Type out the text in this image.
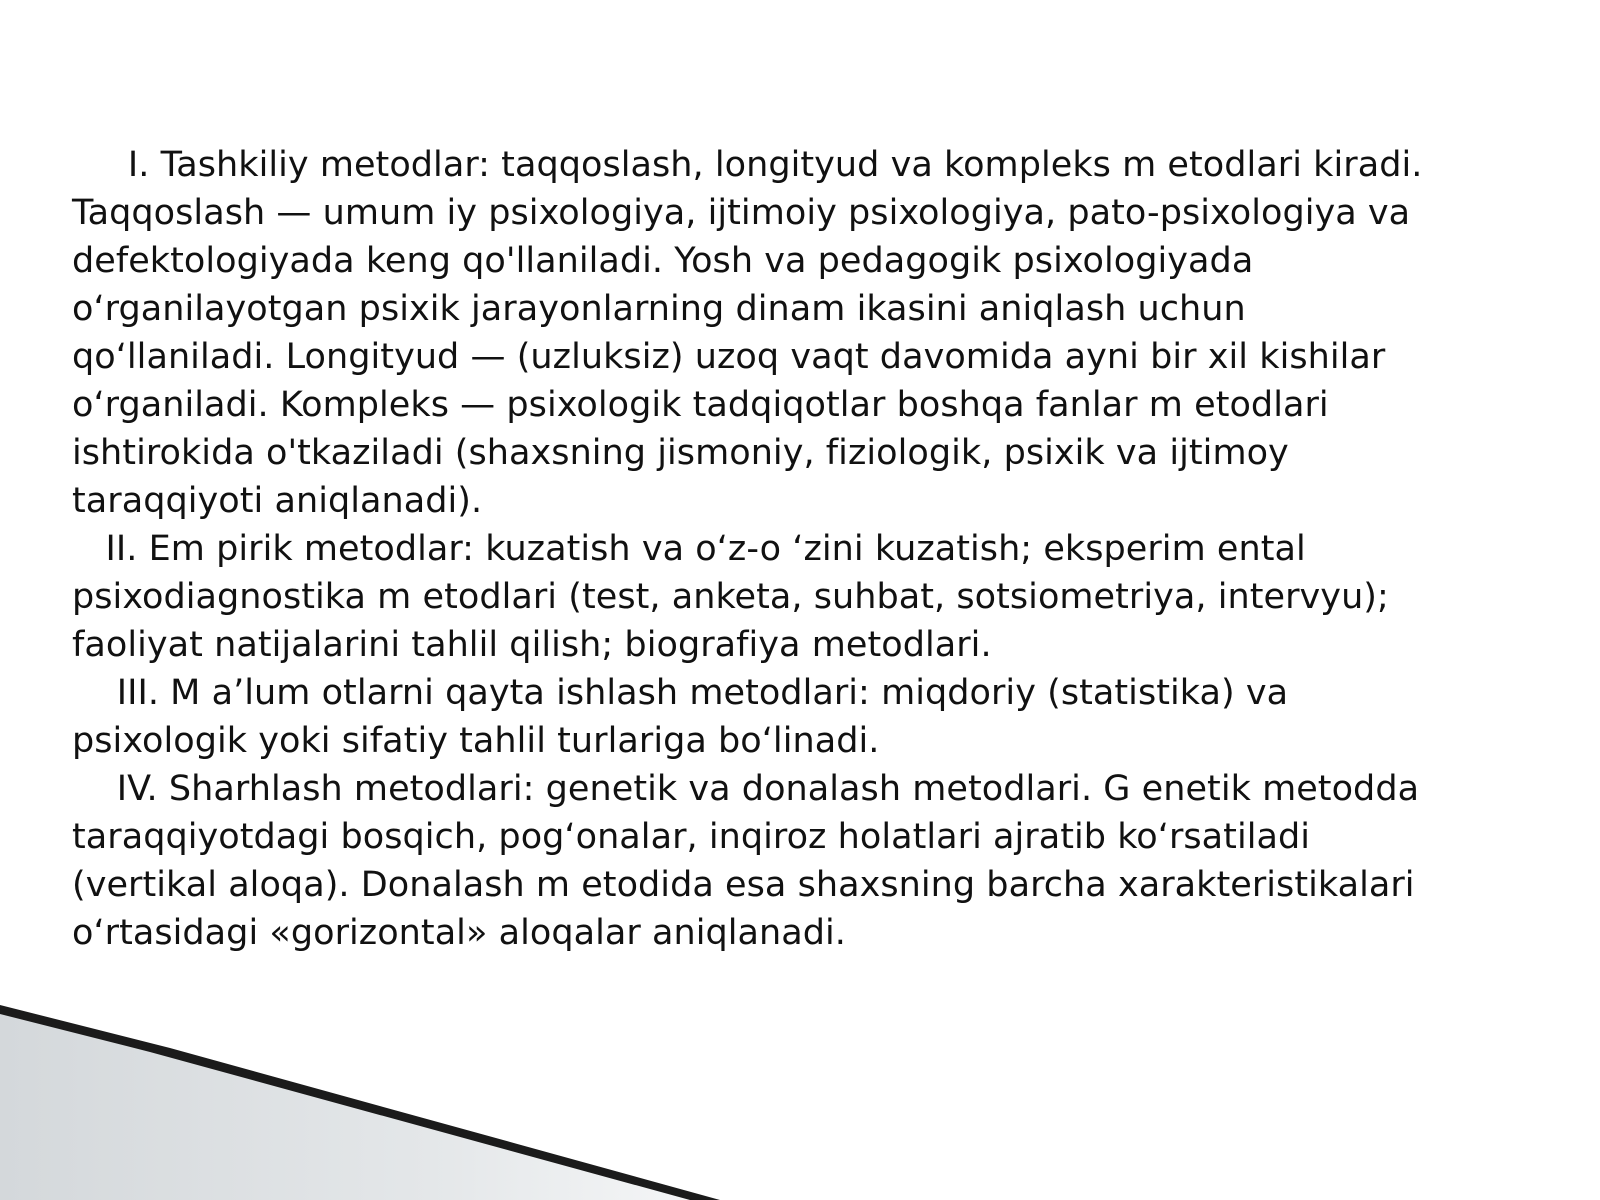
I. Tashkiliy metodlar: taqqoslash, longityud va kompleks m etodlari kiradi.
Taqqoslash — umum iy psixologiya, ijtimoiy psixologiya, pato-psixologiya va
defektologiyada keng qo'llaniladi. Yosh va pedagogik psixologiyada
o‘rganilayotgan psixik jarayonlarning dinam ikasini aniqlash uchun
qo‘llaniladi. Longityud — (uzluksiz) uzoq vaqt davomida ayni bir xil kishilar
o‘rganiladi. Kompleks — psixologik tadqiqotlar boshqa fanlar m etodlari
ishtirokida o'tkaziladi (shaxsning jismoniy, fiziologik, psixik va ijtimoy
taraqqiyoti aniqlanadi).
II. Em pirik metodlar: kuzatish va o‘z-o ‘zini kuzatish; eksperim ental
psixodiagnostika m etodlari (test, anketa, suhbat, sotsiometriya, intervyu);
faoliyat natijalarini tahlil qilish; biografiya metodlari.
III. M a’lum otlarni qayta ishlash metodlari: miqdoriy (statistika) va
psixologik yoki sifatiy tahlil turlariga bo‘linadi.
IV. Sharhlash metodlari: genetik va donalash metodlari. G enetik metodda
taraqqiyotdagi bosqich, pog‘onalar, inqiroz holatlari ajratib ko‘rsatiladi
(vertikal aloqa). Donalash m etodida esa shaxsning barcha xarakteristikalari
o‘rtasidagi «gorizontal» aloqalar aniqlanadi.
